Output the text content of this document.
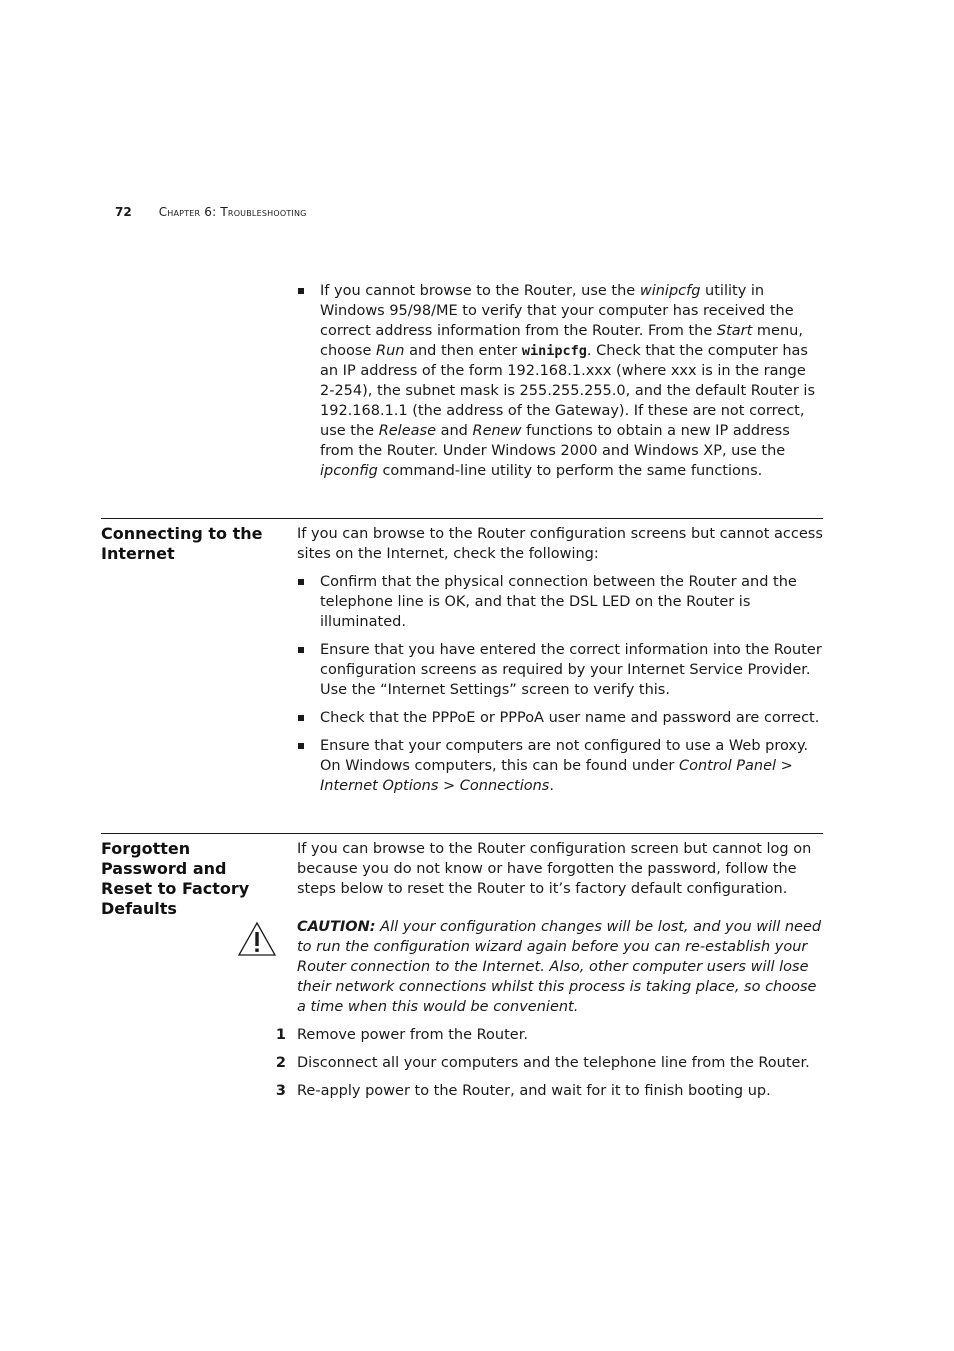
72 Chapter 6: Troubleshooting
If you cannot browse to the Router, use the winipcfg utility in Windows 95/98/ME to verify that your computer has received the correct address information from the Router. From the Start menu, choose Run and then enter winipcfg. Check that the computer has an IP address of the form 192.168.1.xxx (where xxx is in the range 2-254), the subnet mask is 255.255.255.0, and the default Router is 192.168.1.1 (the address of the Gateway). If these are not correct, use the Release and Renew functions to obtain a new IP address from the Router. Under Windows 2000 and Windows XP, use the ipconfig command-line utility to perform the same functions.
Connecting to the Internet
If you can browse to the Router configuration screens but cannot access sites on the Internet, check the following:
Confirm that the physical connection between the Router and the telephone line is OK, and that the DSL LED on the Router is illuminated.
Ensure that you have entered the correct information into the Router configuration screens as required by your Internet Service Provider. Use the “Internet Settings” screen to verify this.
Check that the PPPoE or PPPoA user name and password are correct.
Ensure that your computers are not configured to use a Web proxy. On Windows computers, this can be found under Control Panel > Internet Options > Connections.
Forgotten Password and Reset to Factory Defaults
If you can browse to the Router configuration screen but cannot log on because you do not know or have forgotten the password, follow the steps below to reset the Router to it’s factory default configuration.
CAUTION: All your configuration changes will be lost, and you will need to run the configuration wizard again before you can re-establish your Router connection to the Internet. Also, other computer users will lose their network connections whilst this process is taking place, so choose a time when this would be convenient.
1 Remove power from the Router.
2 Disconnect all your computers and the telephone line from the Router.
3 Re-apply power to the Router, and wait for it to finish booting up.
